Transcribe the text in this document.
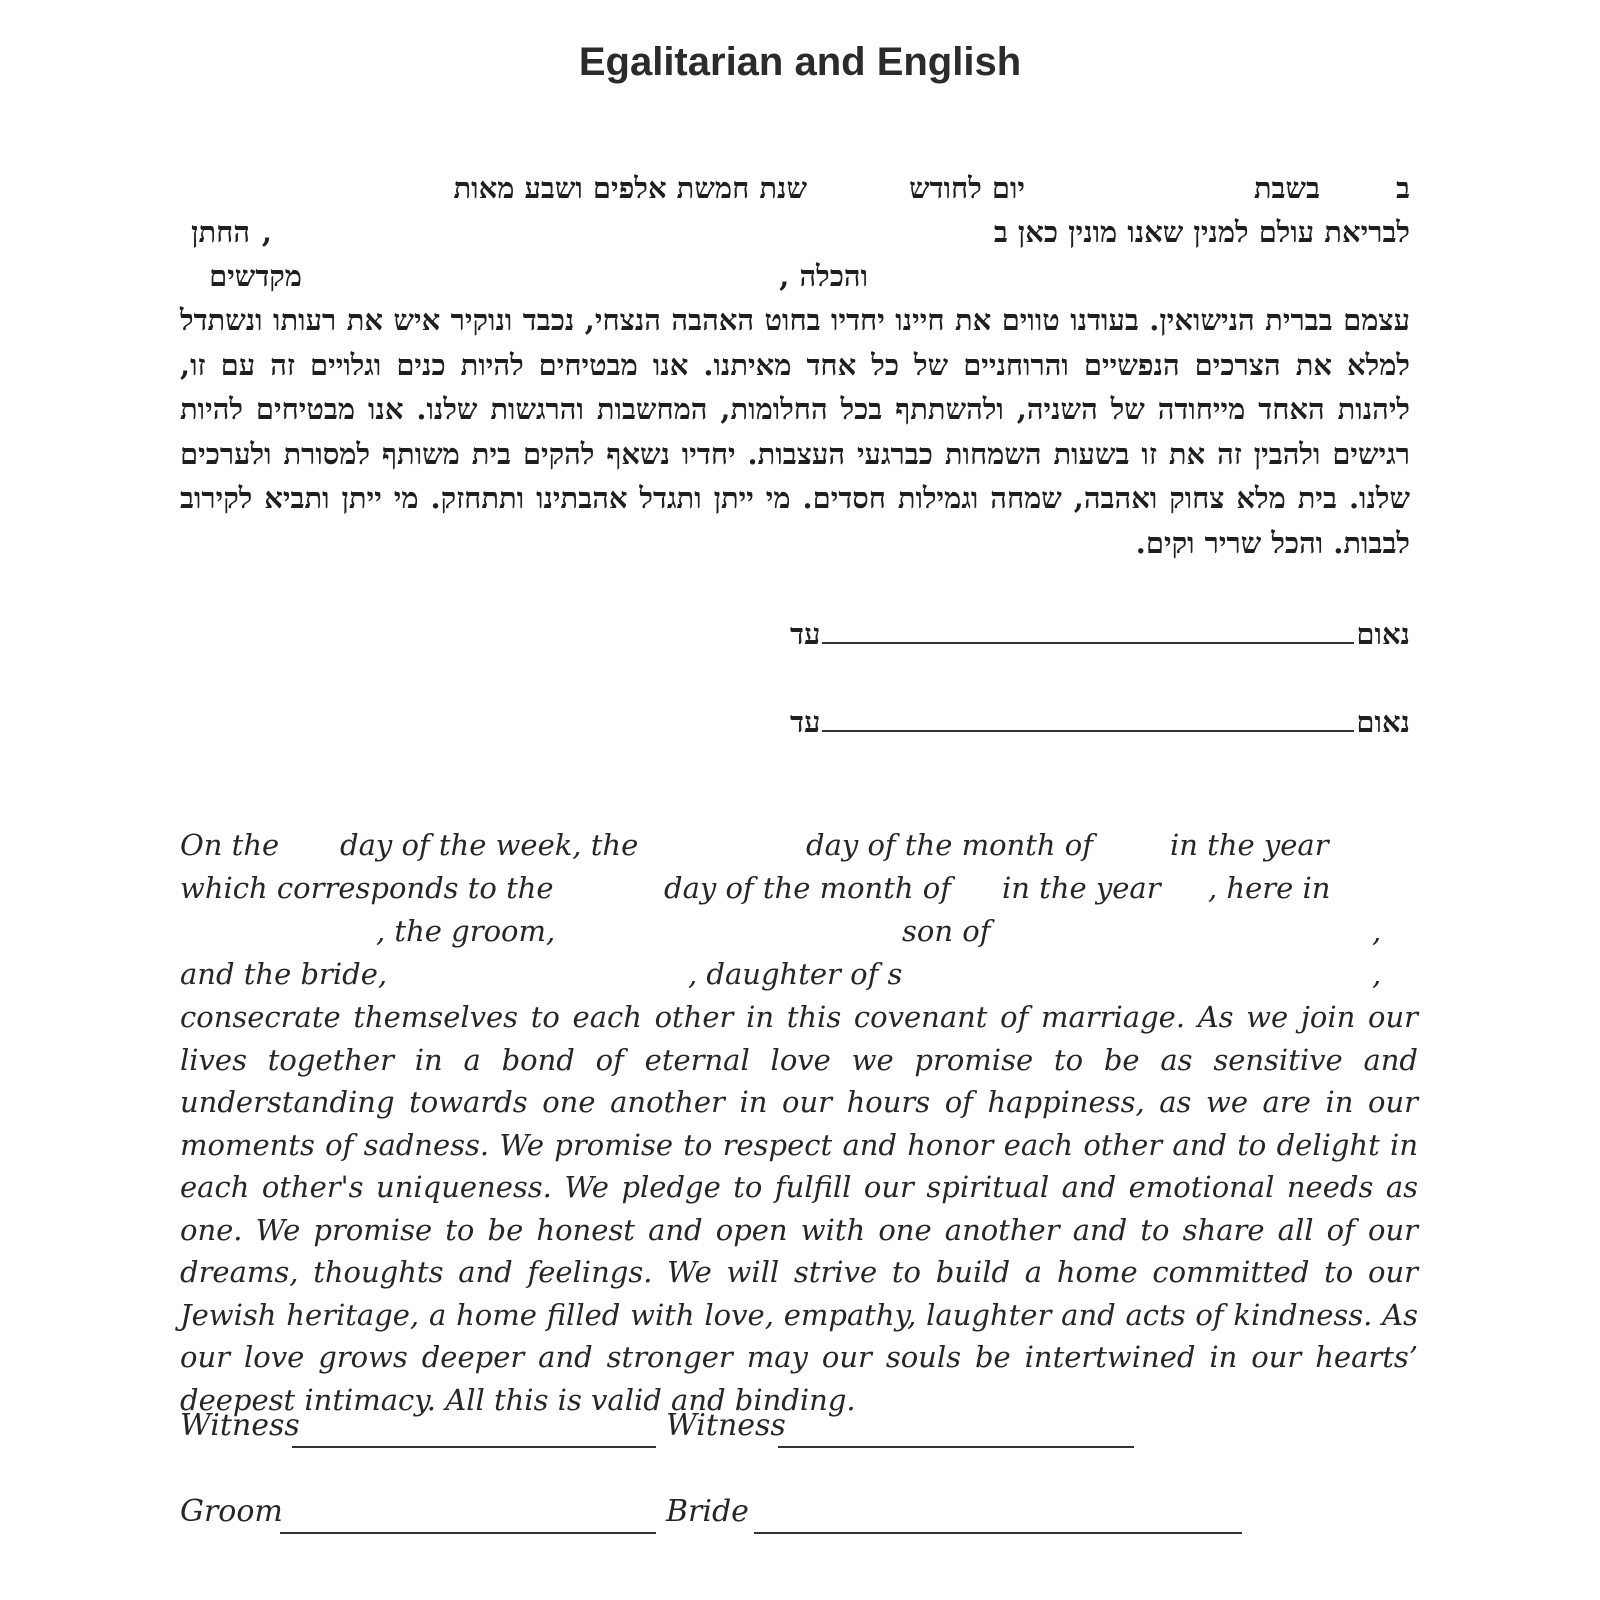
Egalitarian and English
ב
בשבת
יום לחודש
שנת חמשת אלפים ושבע מאות
לבריאת עולם למנין שאנו מונין כאן ב
,
החתן
והכלה ,
מקדשים
עצמם בברית הנישואין. בעודנו טווים את חיינו יחדיו בחוט האהבה הנצחי, נכבד ונוקיר איש את רעותו ונשתדל למלא את הצרכים הנפשיים והרוחניים של כל אחד מאיתנו. אנו מבטיחים להיות כנים וגלויים זה עם זו, ליהנות האחד מייחודה של השניה, ולהשתתף בכל החלומות, המחשבות והרגשות שלנו. אנו מבטיחים להיות רגישים ולהבין זה את זו בשעות השמחות כברגעי העצבות. יחדיו נשאף להקים בית משותף למסורת ולערכים שלנו. בית מלא צחוק ואהבה, שמחה וגמילות חסדים. מי ייתן ותגדל אהבתינו ותתחזק. מי ייתן ותביא לקירוב לבבות. והכל שריר וקים.
נאום
עד
נאום
עד
On the day of the week, the	day of the month of	in the year
which corresponds to the	day of the month of in the year , here in
, the groom,	son of	,
and the bride,	, daughter of s	,
consecrate themselves to each other in this covenant of marriage. As we join our lives together in a bond of eternal love we promise to be as sensitive and understanding towards one another in our hours of happiness, as we are in our moments of sadness. We promise to respect and honor each other and to delight in each other's uniqueness. We pledge to fulfill our spiritual and emotional needs as one. We promise to be honest and open with one another and to share all of our dreams, thoughts and feelings. We will strive to build a home committed to our Jewish heritage, a home filled with love, empathy, laughter and acts of kindness. As our love grows deeper and stronger may our souls be intertwined in our hearts’ deepest intimacy. All this is valid and binding.
Witness	Witness
Groom	Bride
